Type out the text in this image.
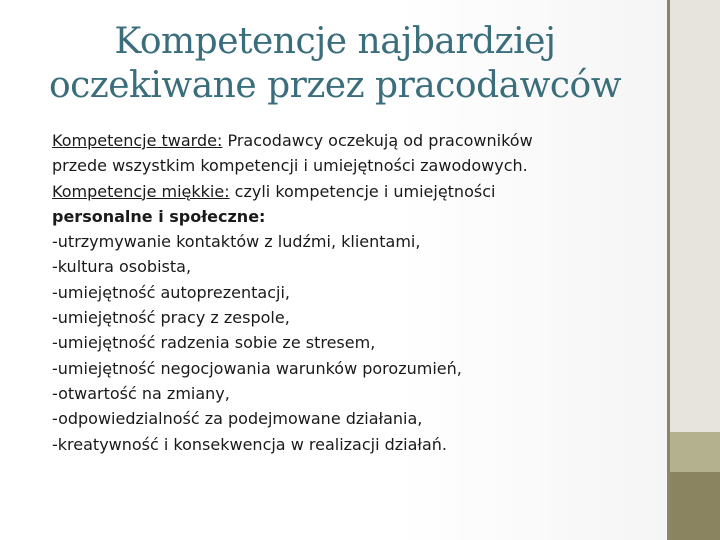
Kompetencje najbardziej
oczekiwane przez pracodawców

Kompetencje twarde: Pracodawcy oczekują od pracowników

przede wszystkim kompetencji i umiejętności zawodowych.

Kompetencje miękkie: czyli kompetencje i umiejętności

personalne i społeczne:

-utrzymywanie kontaktów z ludźmi, klientami,

-kultura osobista,

-umiejętność autoprezentacji,

-umiejętność pracy z zespole,

-umiejętność radzenia sobie ze stresem,

-umiejętność negocjowania warunków porozumień,

-otwartość na zmiany,

-odpowiedzialność za podejmowane działania,

-kreatywność i konsekwencja w realizacji działań.
